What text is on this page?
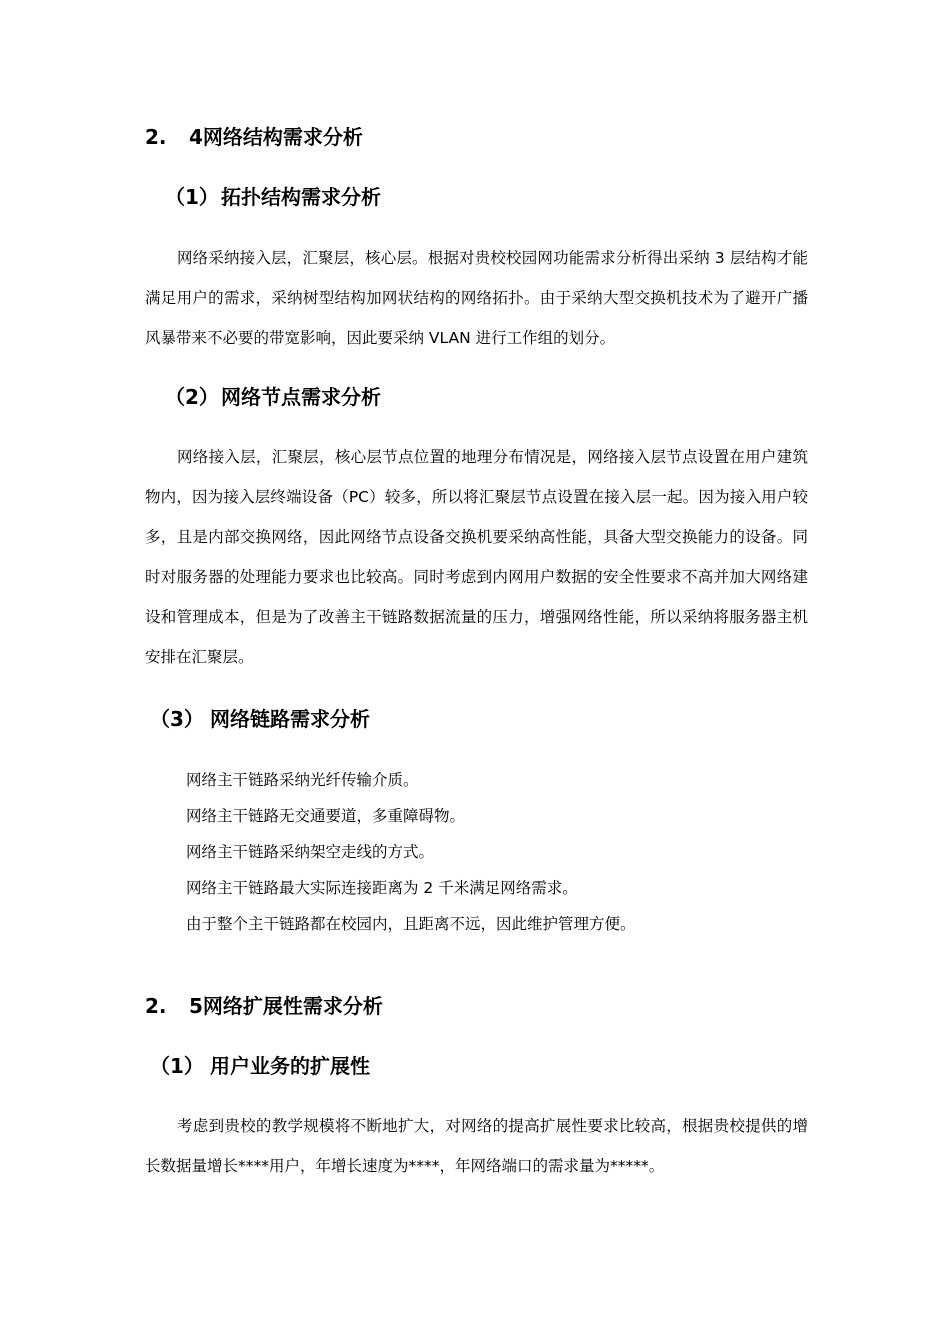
2. 4网络结构需求分析
（1） 拓扑结构需求分析

网络采纳接入层，汇聚层，核心层。根据对贵校校园网功能需求分析得出采纳 3 层结构才能满足用户的需求，采纳树型结构加网状结构的网络拓扑。由于采纳大型交换机技术为了避开广播风暴带来不必要的带宽影响，因此要采纳 VLAN 进行工作组的划分。

（2） 网络节点需求分析

网络接入层，汇聚层，核心层节点位置的地理分布情况是，网络接入层节点设置在用户建筑物内，因为接入层终端设备（PC）较多，所以将汇聚层节点设置在接入层一起。因为接入用户较多，且是内部交换网络，因此网络节点设备交换机要采纳高性能，具备大型交换能力的设备。同时对服务器的处理能力要求也比较高。同时考虑到内网用户数据的安全性要求不高并加大网络建设和管理成本，但是为了改善主干链路数据流量的压力，增强网络性能，所以采纳将服务器主机安排在汇聚层。

（3） 网络链路需求分析
网络主干链路采纳光纤传输介质。
网络主干链路无交通要道，多重障碍物。
网络主干链路采纳架空走线的方式。
网络主干链路最大实际连接距离为 2 千米满足网络需求。
由于整个主干链路都在校园内，且距离不远，因此维护管理方便。
2. 5网络扩展性需求分析
（1） 用户业务的扩展性

考虑到贵校的教学规模将不断地扩大，对网络的提高扩展性要求比较高，根据贵校提供的增长数据量增长****用户，年增长速度为****，年网络端口的需求量为*****。
